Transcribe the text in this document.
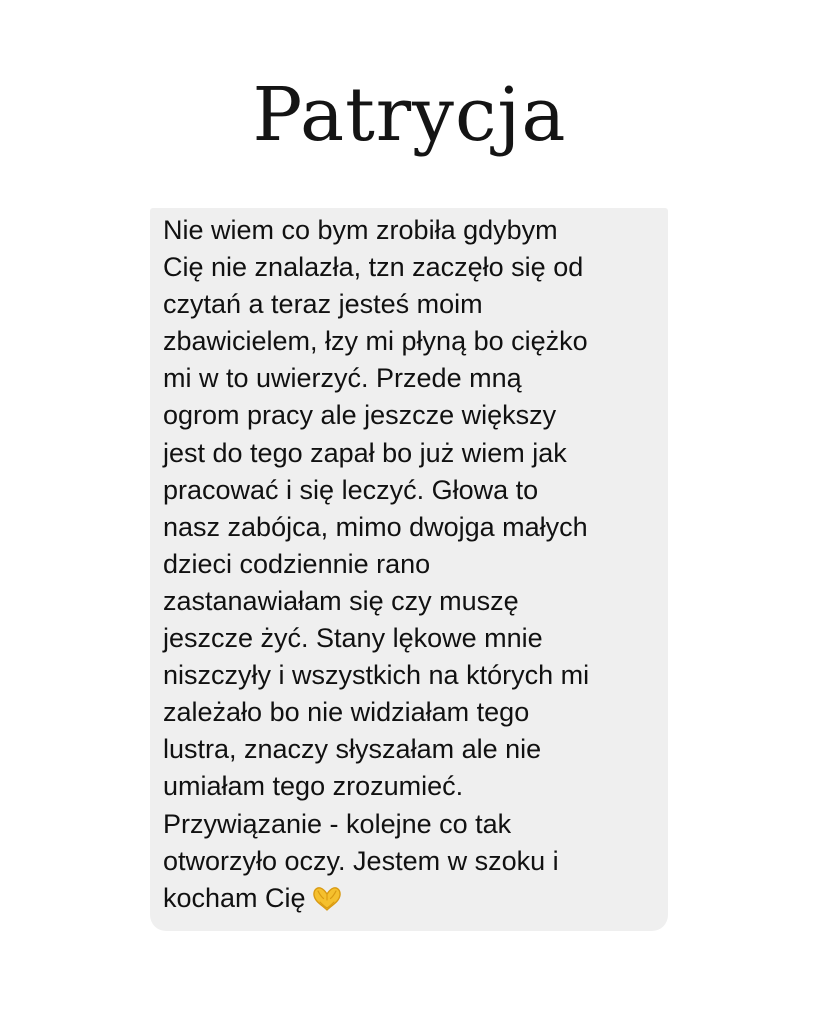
Patrycja

Nie wiem co bym zrobiła gdybym
Cię nie znalazła, tzn zaczęło się od
czytań a teraz jesteś moim
zbawicielem, łzy mi płyną bo ciężko
mi w to uwierzyć. Przede mną
ogrom pracy ale jeszcze większy
jest do tego zapał bo już wiem jak
pracować i się leczyć. Głowa to
nasz zabójca, mimo dwojga małych
dzieci codziennie rano
zastanawiałam się czy muszę
jeszcze żyć. Stany lękowe mnie
niszczyły i wszystkich na których mi
zależało bo nie widziałam tego
lustra, znaczy słyszałam ale nie
umiałam tego zrozumieć.
Przywiązanie - kolejne co tak
otworzyło oczy. Jestem w szoku i
kocham Cię
